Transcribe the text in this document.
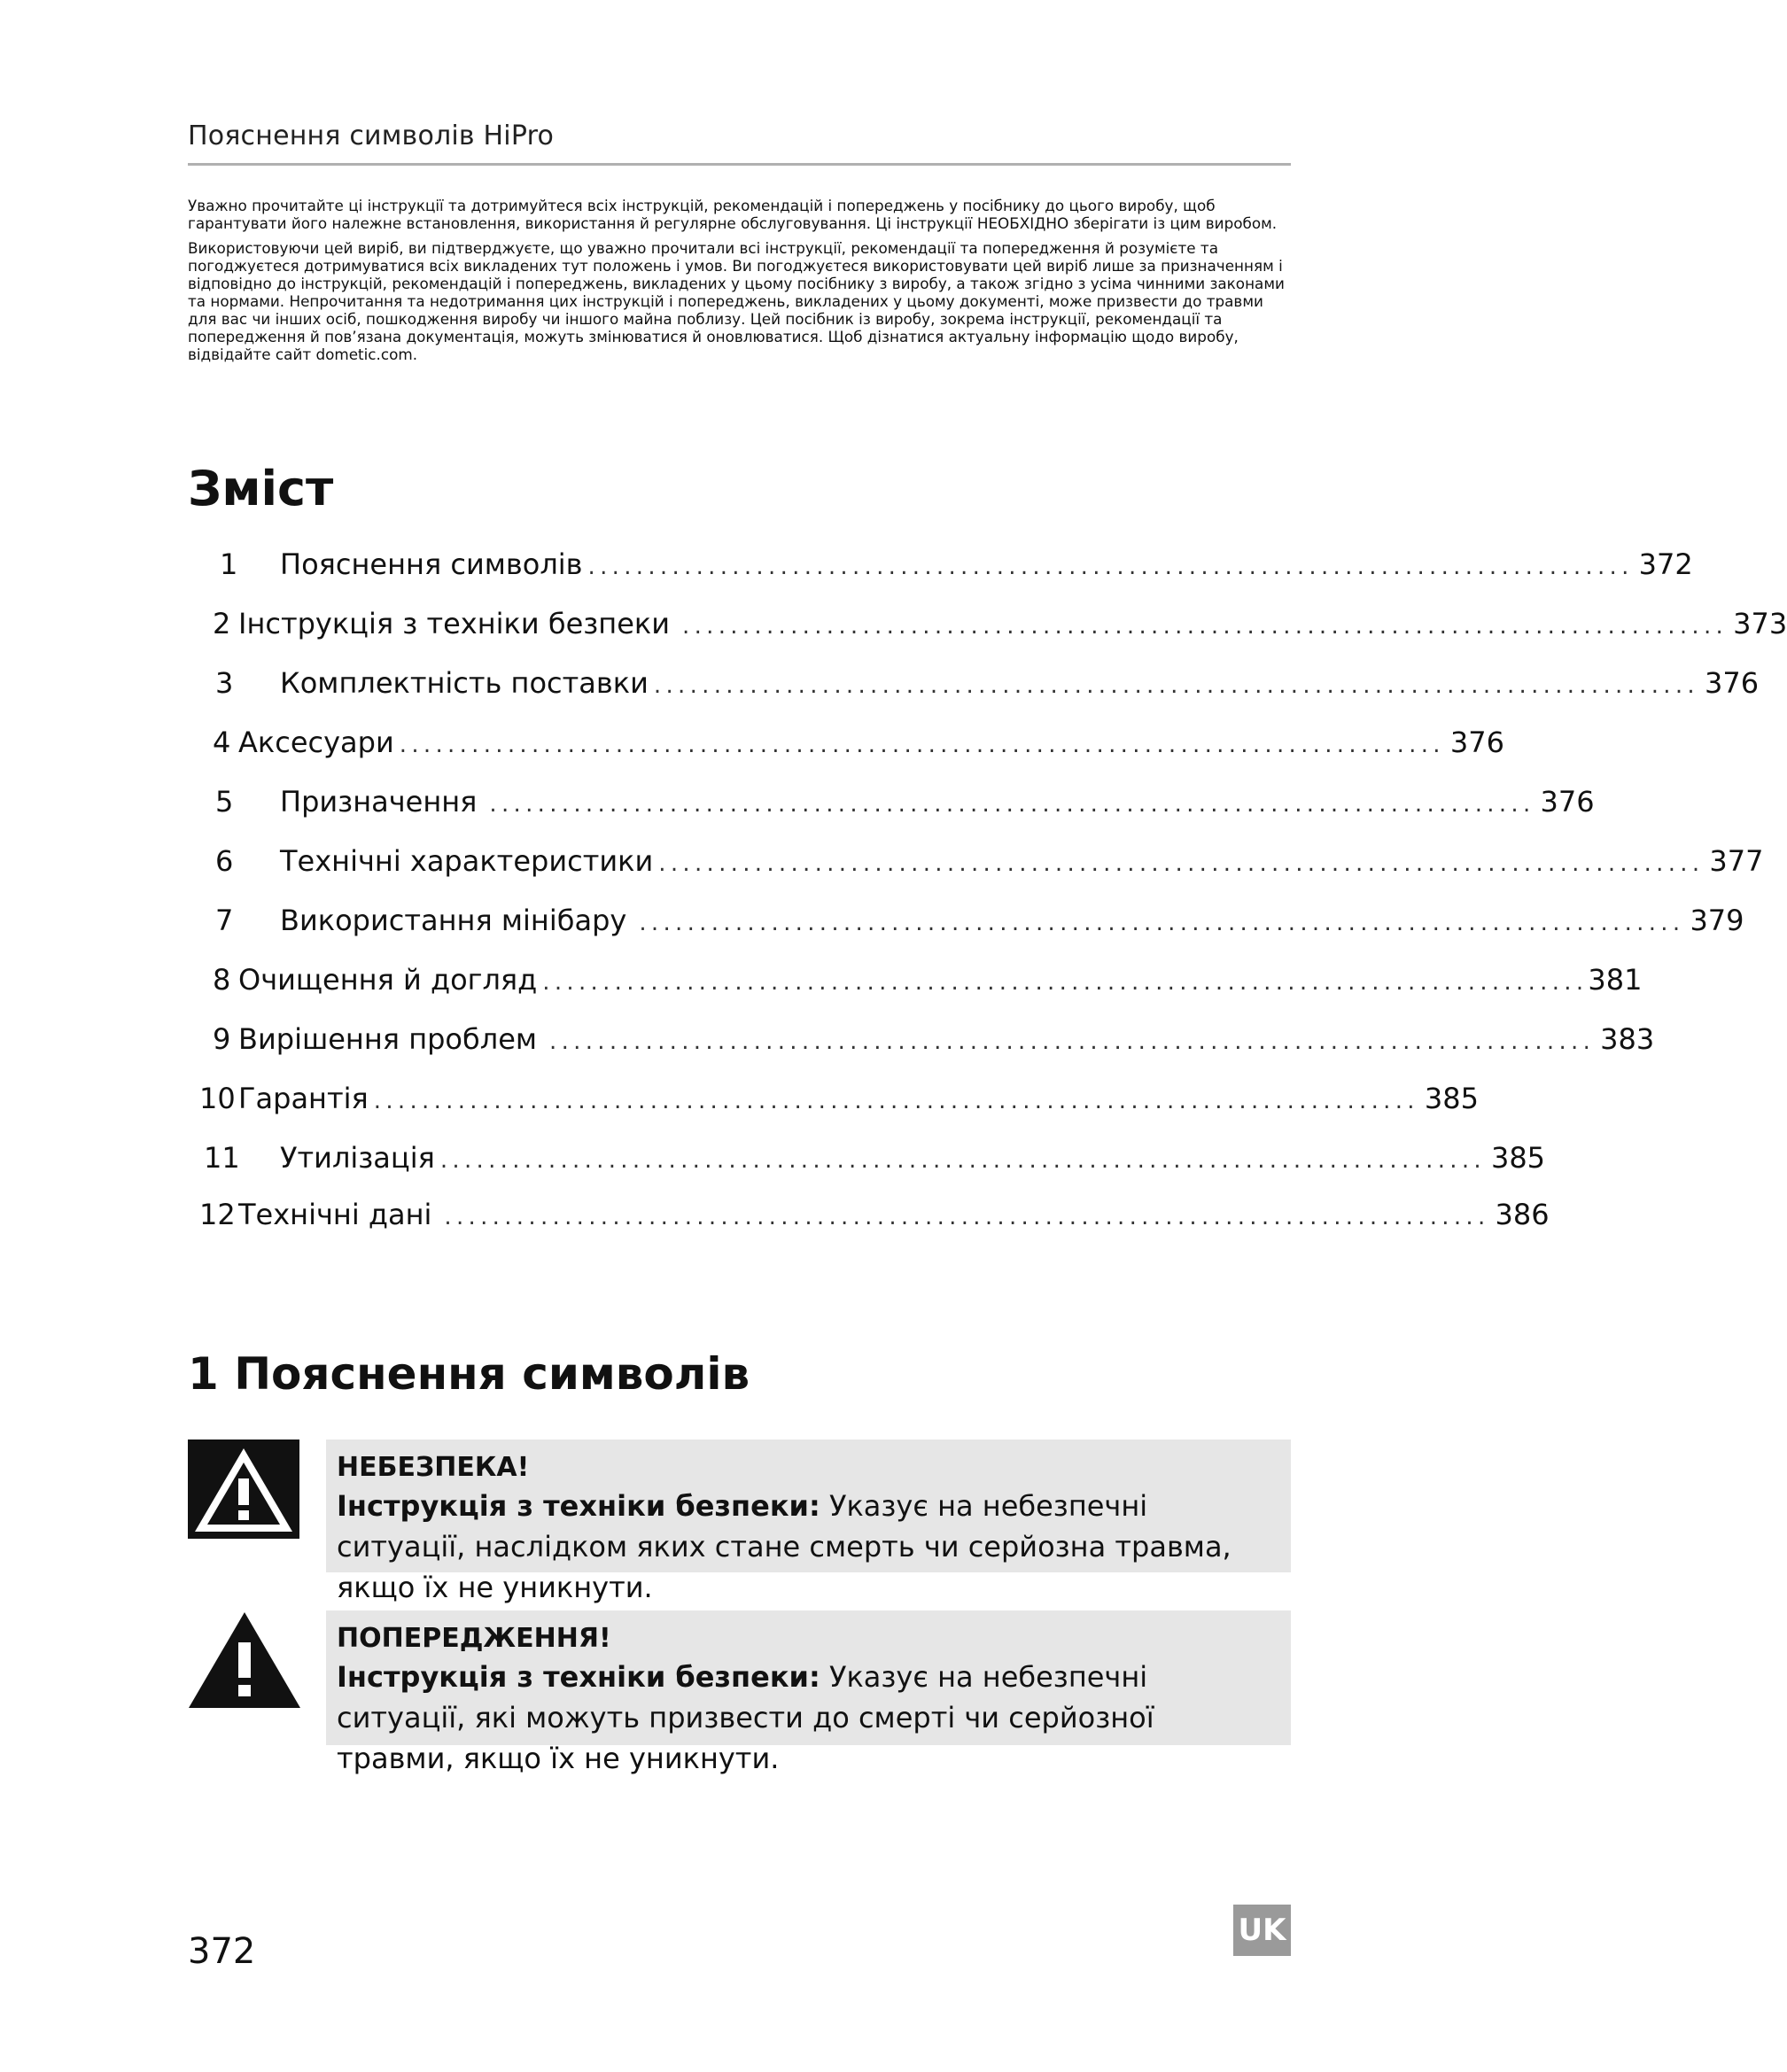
Пояснення символів HiPro

Уважно прочитайте ці інструкції та дотримуйтеся всіх інструкцій, рекомендацій і попереджень у посібнику до цього виробу, щоб гарантувати його належне встановлення, використання й регулярне обслуговування. Ці інструкції НЕОБХІДНО зберігати із цим виробом.

Використовуючи цей виріб, ви підтверджуєте, що уважно прочитали всі інструкції, рекомендації та попередження й розумієте та погоджуєтеся дотримуватися всіх викладених тут положень і умов. Ви погоджуєтеся використовувати цей виріб лише за призначенням і відповідно до інструкцій, рекомендацій і попереджень, викладених у цьому посібнику з виробу, а також згідно з усіма чинними законами та нормами. Непрочитання та недотримання цих інструкцій і попереджень, викладених у цьому документі, може призвести до травми для вас чи інших осіб, пошкодження виробу чи іншого майна поблизу. Цей посібник із виробу, зокрема інструкції, рекомендації та попередження й пов’язана документація, можуть змінюватися й оновлюватися. Щоб дізнатися актуальну інформацію щодо виробу, відвідайте сайт dometic.com.

Зміст
1	Пояснення символів ....................................................................................... 372
2 Інструкція з техніки безпеки ....................................................................................... 373
3	Комплектність поставки ....................................................................................... 376
4 Аксесуари ....................................................................................... 376
5	Призначення ....................................................................................... 376
6	Технічні характеристики ....................................................................................... 377
7	Використання мінібару ....................................................................................... 379
8 Очищення й догляд ....................................................................................... 381
9 Вирішення проблем ....................................................................................... 383
10 Гарантія ....................................................................................... 385
11	Утилізація ....................................................................................... 385
12 Технічні дані ....................................................................................... 386
1 Пояснення символів
НЕБЕЗПЕКА!
Інструкція з техніки безпеки: Указує на небезпечні ситуації, наслідком яких стане смерть чи серйозна травма, якщо їх не уникнути.
ПОПЕРЕДЖЕННЯ!
Інструкція з техніки безпеки: Указує на небезпечні ситуації, які можуть призвести до смерті чи серйозної травми, якщо їх не уникнути.
372
UK
